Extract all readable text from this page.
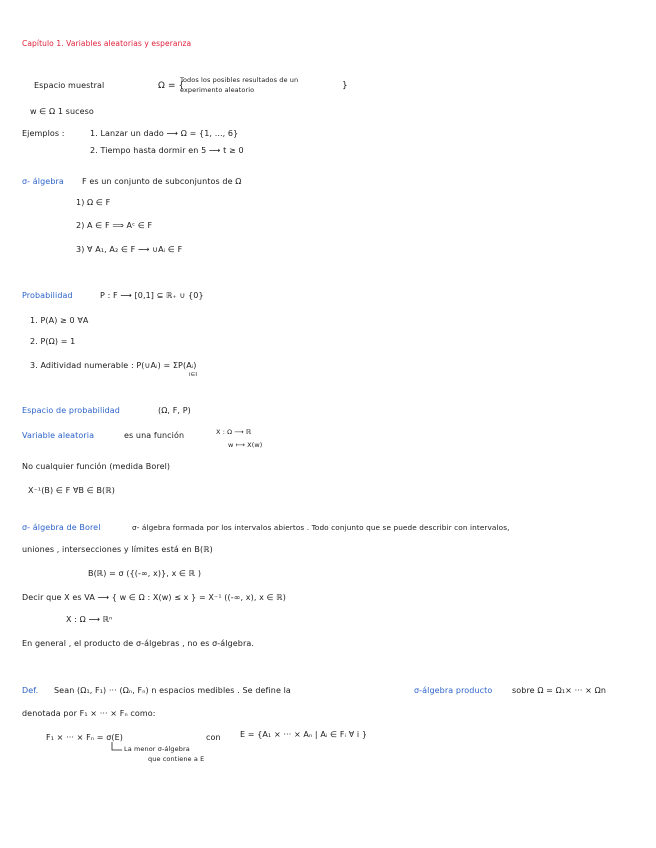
Capítulo 1. Variables aleatorias y esperanza
Espacio muestral	Ω = {
Todos los posibles resultados de un
experimento aleatorio	}
w ∈ Ω 1 suceso
Ejemplos :	1. Lanzar un dado ⟶ Ω = {1, ..., 6}
2. Tiempo hasta dormir en 5 ⟶ t ≥ 0
σ- álgebra F es un conjunto de subconjuntos de Ω
1) Ω ∈ F
2) A ∈ F ⟹ Aᶜ ∈ F
3) ∀ A₁, A₂ ∈ F ⟶ ∪Aᵢ ∈ F
Probabilidad	P : F ⟶ [0,1] ⊆ ℝ₊ ∪ {0}
1. P(A) ≥ 0 ∀A
2. P(Ω) = 1
3. Aditividad numerable : P(∪Aᵢ) = ΣP(Aᵢ)
i∈I
Espacio de probabilidad	(Ω, F, P)
Variable aleatoria	es una función	X : Ω ⟶ ℝ
w ⟼ X(w)
No cualquier función (medida Borel)
X⁻¹(B) ∈ F ∀B ∈ B(ℝ)
σ- álgebra de Borel	σ- álgebra formada por los intervalos abiertos . Todo conjunto que se puede describir con intervalos,
uniones , intersecciones y límites está en B(ℝ)
B(ℝ) = σ ({(-∞, x)}, x ∈ ℝ )
Decir que X es VA ⟶ { w ∈ Ω : X(w) ≤ x } = X⁻¹ ((-∞, x), x ∈ ℝ)
X : Ω ⟶ ℝⁿ
En general , el producto de σ-álgebras , no es σ-álgebra.
Def. Sean (Ω₁, F₁) ··· (Ωₙ, Fₙ) n espacios medibles . Se define la	σ-álgebra producto sobre Ω = Ω₁× ··· × Ωn
denotada por F₁ × ··· × Fₙ como:
F₁ × ··· × Fₙ = σ(E)	con E = {A₁ × ··· × Aₙ | Aᵢ ∈ Fᵢ ∀ i }
La menor σ-álgebra
que contiene a E
